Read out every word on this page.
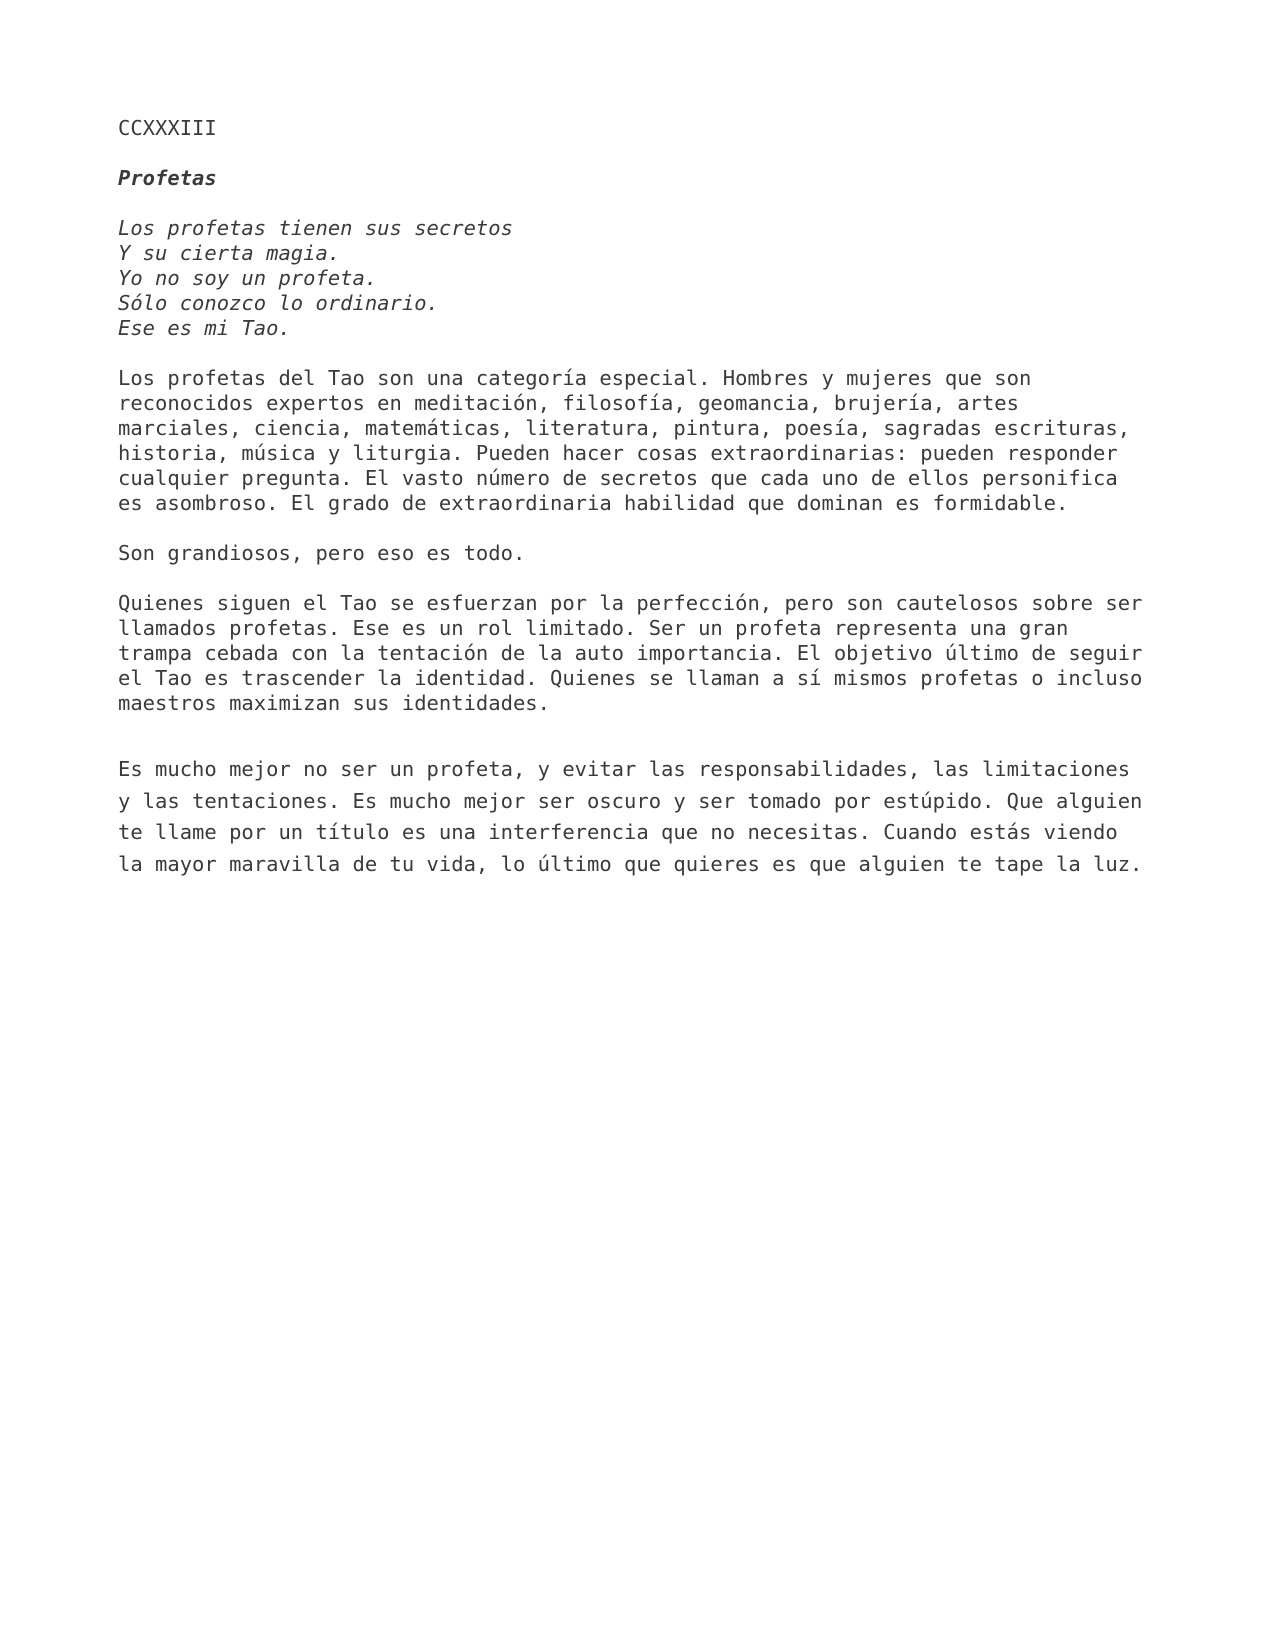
CCXXXIII
Profetas
Los profetas tienen sus secretos
Y su cierta magia.
Yo no soy un profeta.
Sólo conozco lo ordinario.
Ese es mi Tao.
Los profetas del Tao son una categoría especial. Hombres y mujeres que son
reconocidos expertos en meditación, filosofía, geomancia, brujería, artes
marciales, ciencia, matemáticas, literatura, pintura, poesía, sagradas escrituras,
historia, música y liturgia. Pueden hacer cosas extraordinarias: pueden responder
cualquier pregunta. El vasto número de secretos que cada uno de ellos personifica
es asombroso. El grado de extraordinaria habilidad que dominan es formidable.
Son grandiosos, pero eso es todo.
Quienes siguen el Tao se esfuerzan por la perfección, pero son cautelosos sobre ser
llamados profetas. Ese es un rol limitado. Ser un profeta representa una gran
trampa cebada con la tentación de la auto importancia. El objetivo último de seguir
el Tao es trascender la identidad. Quienes se llaman a sí mismos profetas o incluso
maestros maximizan sus identidades.
Es mucho mejor no ser un profeta, y evitar las responsabilidades, las limitaciones
y las tentaciones. Es mucho mejor ser oscuro y ser tomado por estúpido. Que alguien
te llame por un título es una interferencia que no necesitas. Cuando estás viendo
la mayor maravilla de tu vida, lo último que quieres es que alguien te tape la luz.
